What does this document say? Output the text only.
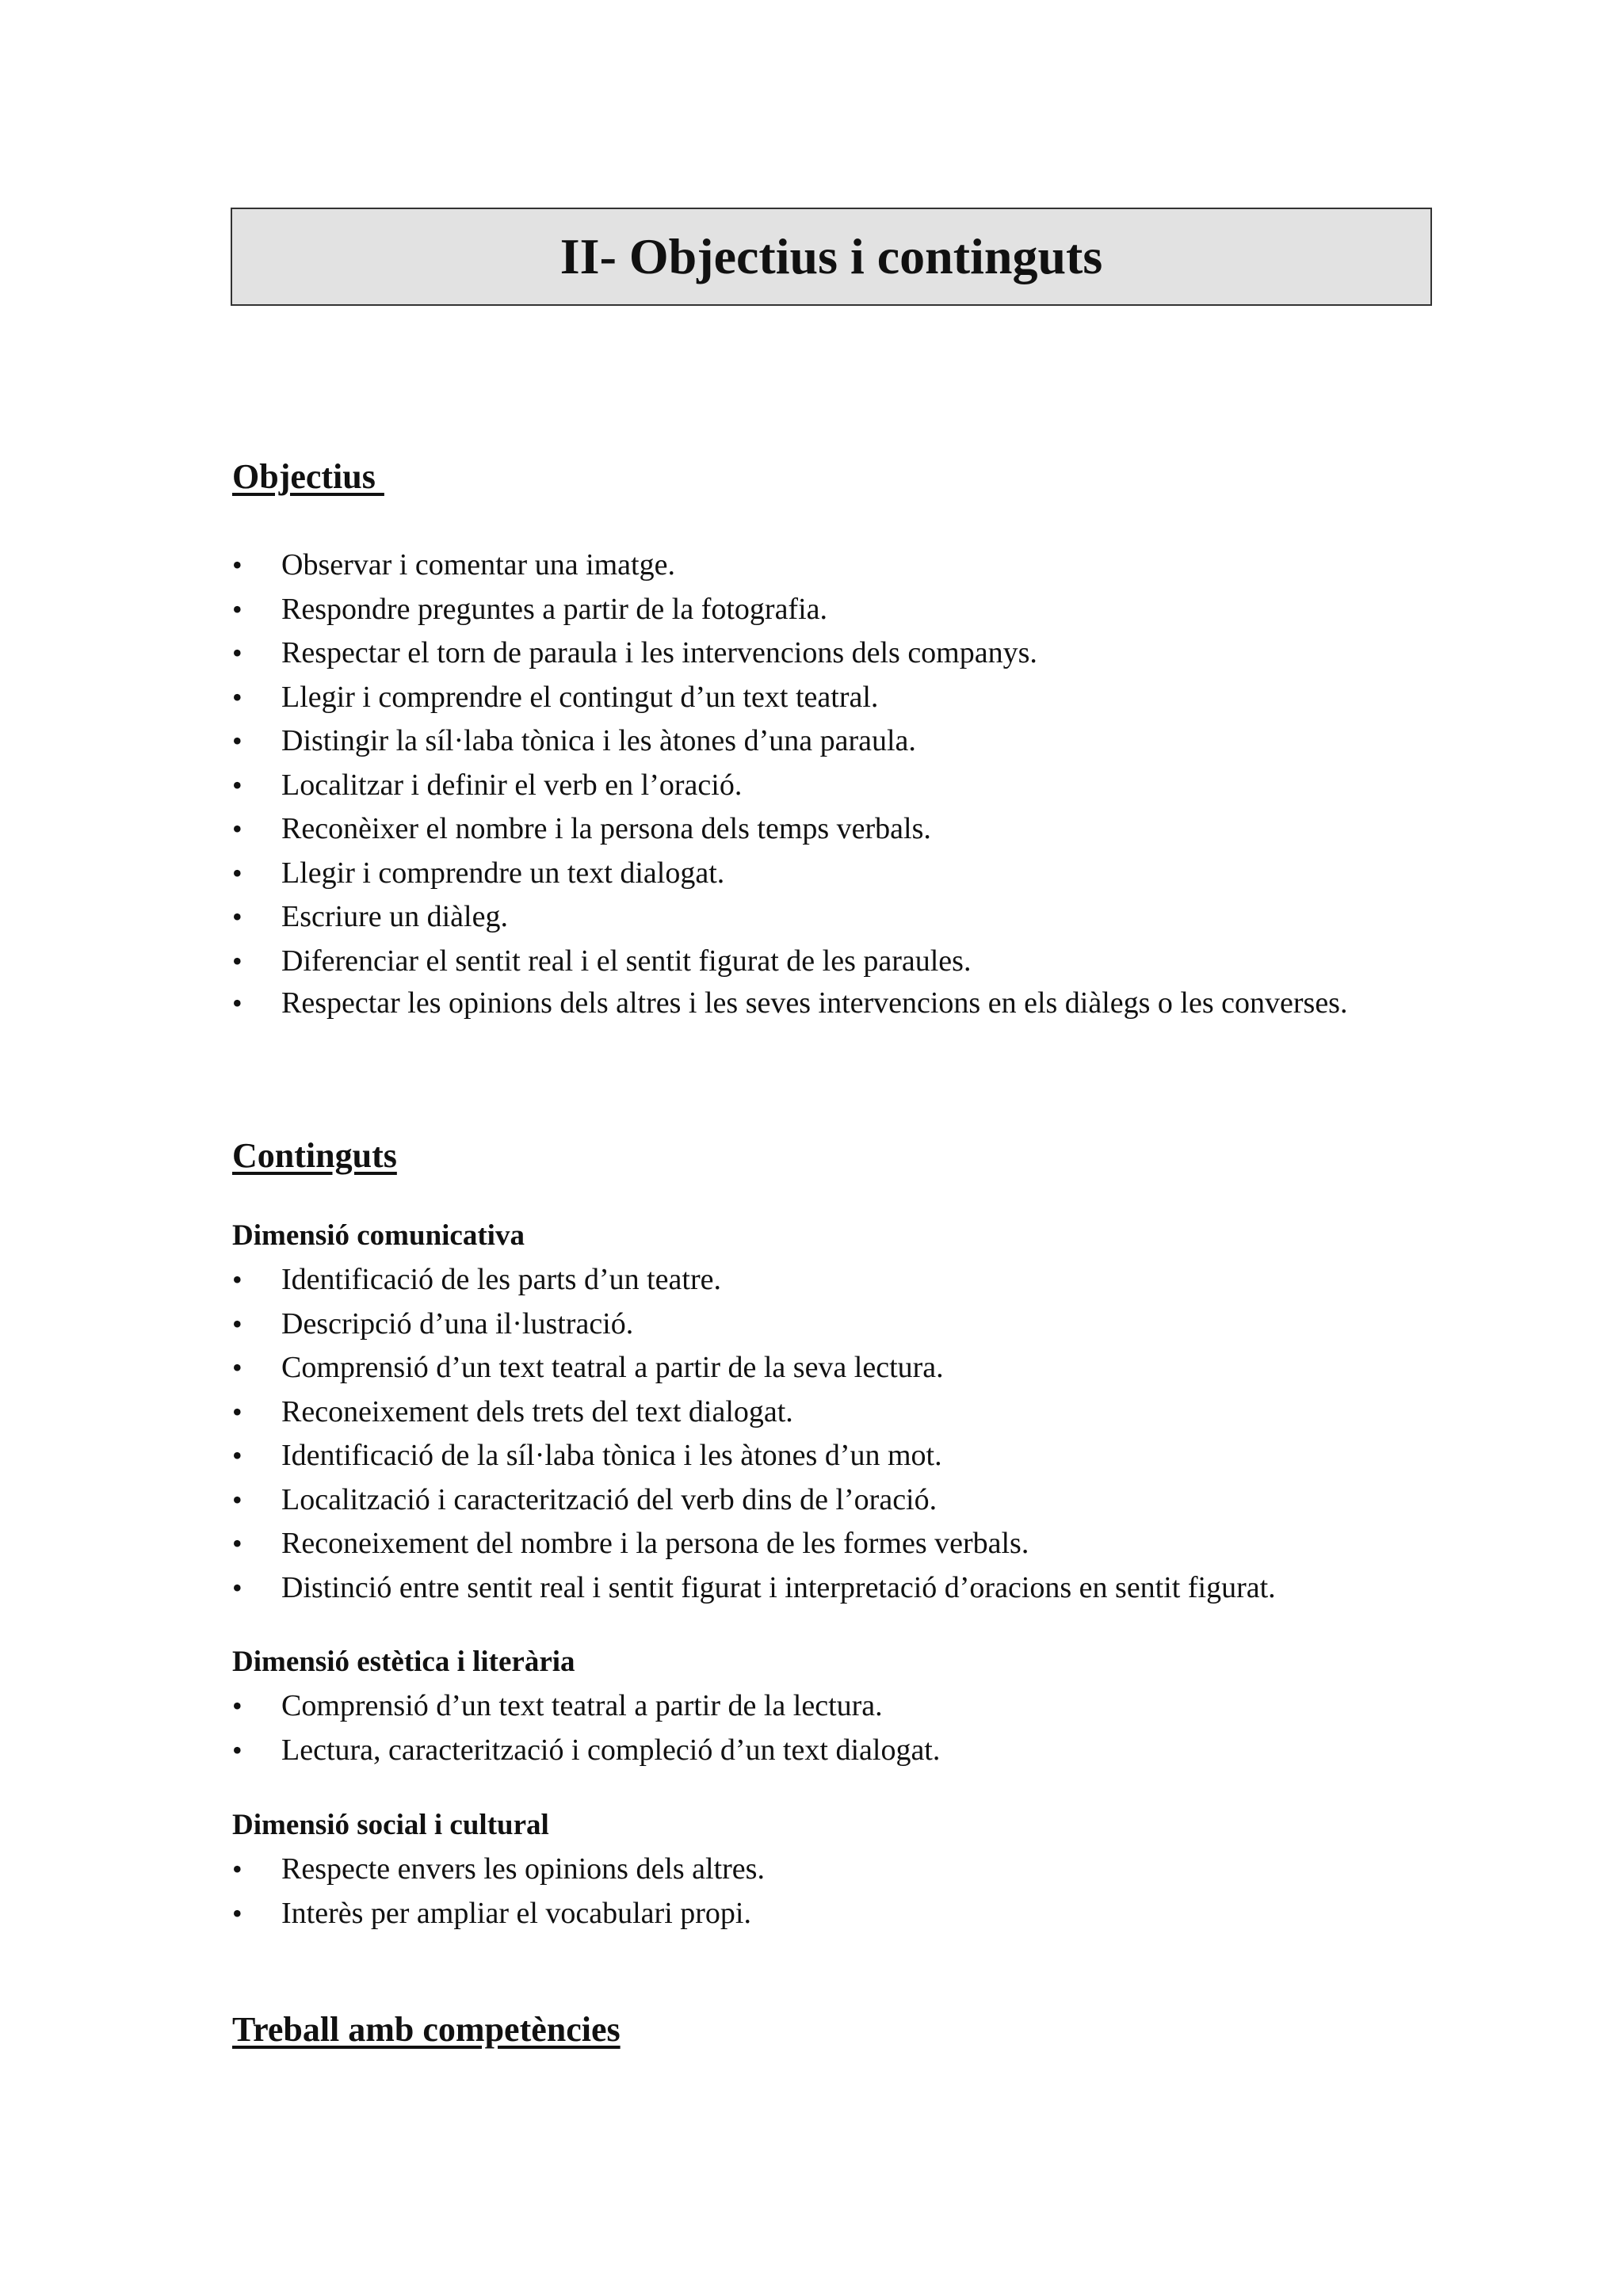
II- Objectius i continguts
Objectius
•	Observar i comentar una imatge.
•	Respondre preguntes a partir de la fotografia.
•	Respectar el torn de paraula i les intervencions dels companys.
•	Llegir i comprendre el contingut d’un text teatral.
•	Distingir la síl·laba tònica i les àtones d’una paraula.
•	Localitzar i definir el verb en l’oració.
•	Reconèixer el nombre i la persona dels temps verbals.
•	Llegir i comprendre un text dialogat.
•	Escriure un diàleg.
•	Diferenciar el sentit real i el sentit figurat de les paraules.
•	Respectar les opinions dels altres i les seves intervencions en els diàlegs o les converses.
Continguts
Dimensió comunicativa
•	Identificació de les parts d’un teatre.
•	Descripció d’una il·lustració.
•	Comprensió d’un text teatral a partir de la seva lectura.
•	Reconeixement dels trets del text dialogat.
•	Identificació de la síl·laba tònica i les àtones d’un mot.
•	Localització i caracterització del verb dins de l’oració.
•	Reconeixement del nombre i la persona de les formes verbals.
•	Distinció entre sentit real i sentit figurat i interpretació d’oracions en sentit figurat.
Dimensió estètica i literària
•	Comprensió d’un text teatral a partir de la lectura.
•	Lectura, caracterització i compleció d’un text dialogat.
Dimensió social i cultural
•	Respecte envers les opinions dels altres.
•	Interès per ampliar el vocabulari propi.
Treball amb competències
